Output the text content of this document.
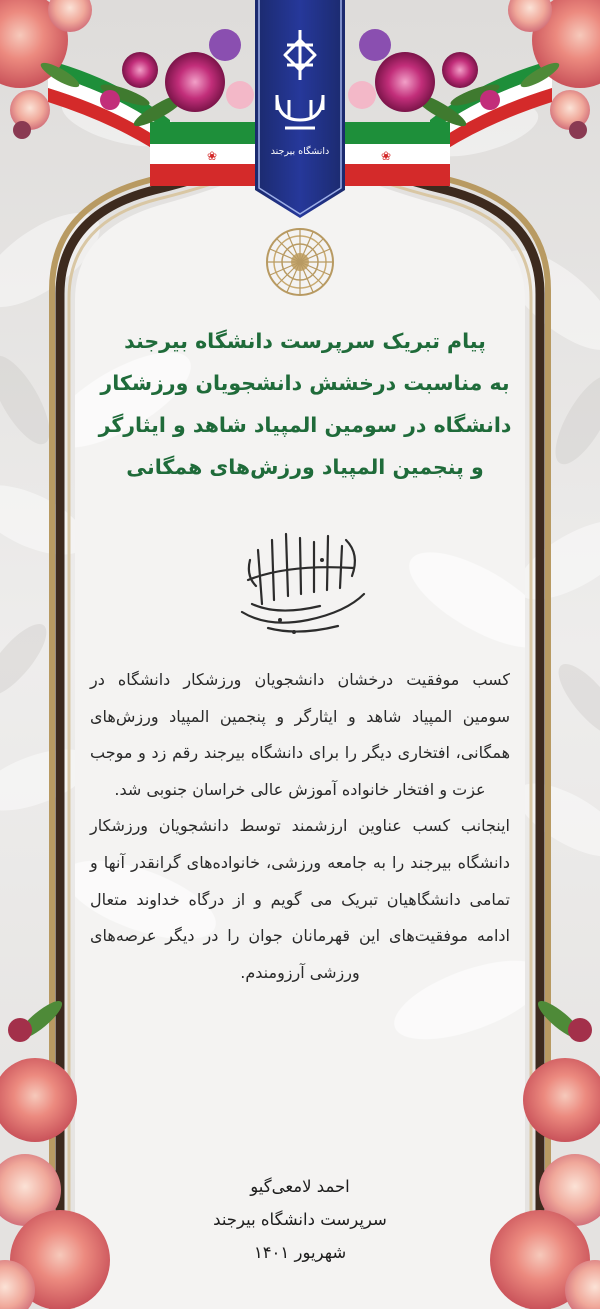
❀	❀
دانشگاه بیرجند
پیام تبریک سرپرست دانشگاه بیرجند
به مناسبت درخشش دانشجویان ورزشکار
دانشگاه در سومین المپیاد شاهد و ایثارگر
و پنجمین المپیاد ورزش‌های همگانی

کسب موفقیت درخشان دانشجویان ورزشکار دانشگاه در سومین المپیاد شاهد و ایثارگر و پنجمین المپیاد ورزش‌های همگانی، افتخاری دیگر را برای دانشگاه بیرجند رقم زد و موجب عزت و افتخار خانواده آموزش عالی خراسان جنوبی شد.

اینجانب کسب عناوین ارزشمند توسط دانشجویان ورزشکار دانشگاه بیرجند را به جامعه ورزشی، خانواده‌های گرانقدر آنها و تمامی دانشگاهیان تبریک می گویم و از درگاه خداوند متعال ادامه موفقیت‌های این قهرمانان جوان را در دیگر عرصه‌های ورزشی آرزومندم.

احمد لامعی‌گیو
سرپرست دانشگاه بیرجند
شهریور ۱۴۰۱
